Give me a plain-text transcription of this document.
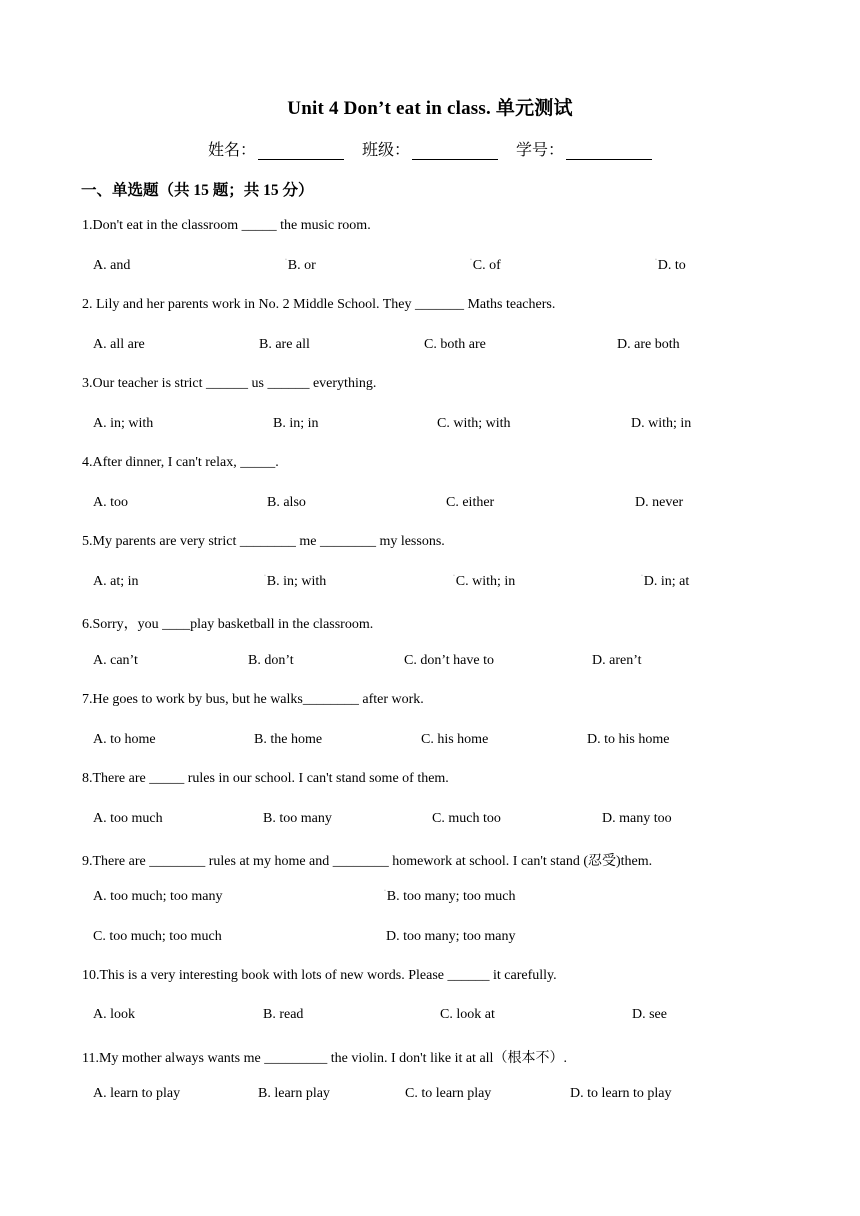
Unit 4 Don’t eat in class. 单元测试
姓名：	班级：	学号：
一、单选题（共 15 题；共 15 分）
1.Don't eat in the classroom _____ the music room.
A. and	▫B. or	▫C. of	▫D. to
2. Lily and her parents work in No. 2 Middle School. They _______ Maths teachers.
A. all are	B. are all	C. both are	D. are both
3.Our teacher is strict ______ us ______ everything.
A. in; with	B. in; in	C. with; with	D. with; in
4.After dinner, I can't relax, _____.
A. too	B. also	C. either	D. never
5.My parents are very strict ________ me ________ my lessons.
A. at; in	▫B. in; with	▫C. with; in	▫D. in; at
6.Sorry，you ____play basketball in the classroom.
A. can’t	B. don’t	C. don’t have to	D. aren’t
7.He goes to work by bus, but he walks________ after work.
A. to home	B. the home	C. his home	D. to his home
8.There are _____ rules in our school. I can't stand some of them.
A. too much	B. too many	C. much too	D. many too
9.There are ________ rules at my home and ________ homework at school. I can't stand (忍受)them.
A. too much; too many	▫B. too many; too much
C. too much; too much	D. too many; too many
10.This is a very interesting book with lots of new words. Please ______ it carefully.
A. look	B. read	C. look at	D. see
11.My mother always wants me _________ the violin. I don't like it at all（根本不）.
A. learn to play	B. learn play	C. to learn play	D. to learn to play
